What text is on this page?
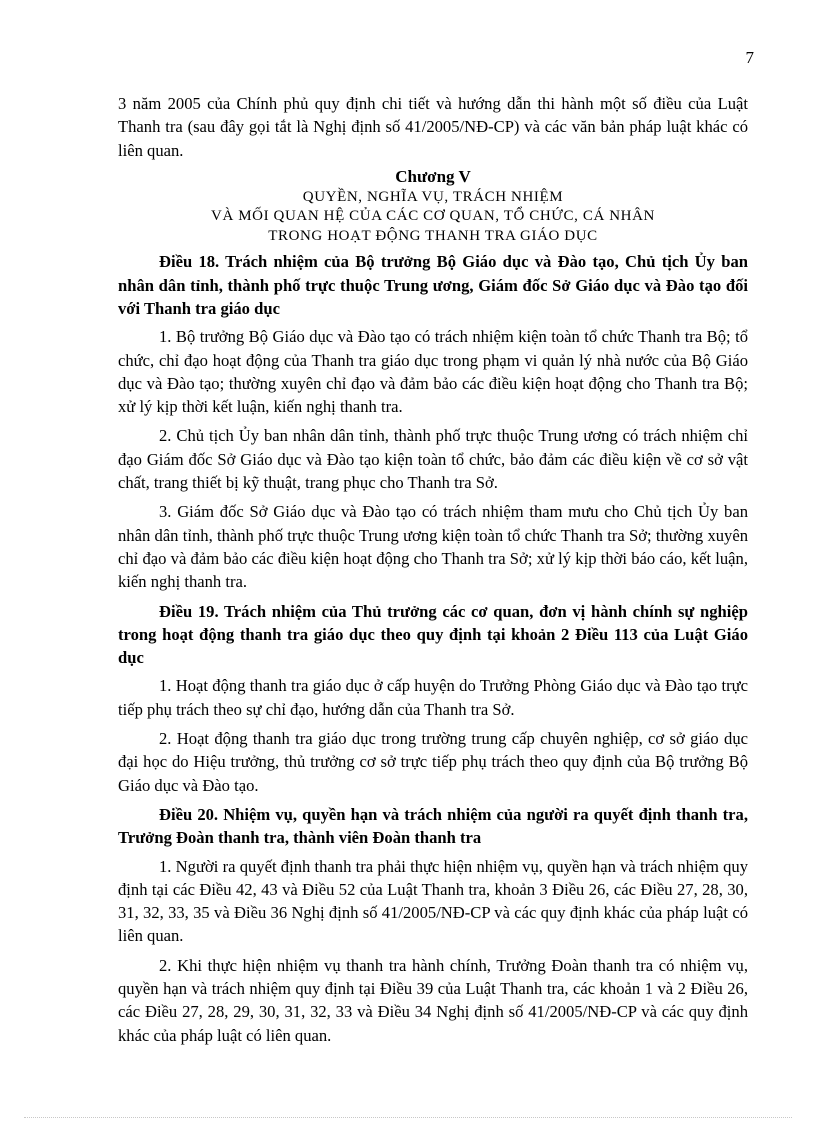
7

3 năm 2005 của Chính phủ quy định chi tiết và hướng dẫn thi hành một số điều của Luật Thanh tra (sau đây gọi tắt là Nghị định số 41/2005/NĐ-CP) và các văn bản pháp luật khác có liên quan.

Chương V

QUYỀN, NGHĨA VỤ, TRÁCH NHIỆM

VÀ MỐI QUAN HỆ CỦA CÁC CƠ QUAN, TỔ CHỨC, CÁ NHÂN

TRONG HOẠT ĐỘNG THANH TRA GIÁO DỤC

Điều 18. Trách nhiệm của Bộ trưởng Bộ Giáo dục và Đào tạo, Chủ tịch Ủy ban nhân dân tỉnh, thành phố trực thuộc Trung ương, Giám đốc Sở Giáo dục và Đào tạo đối với Thanh tra giáo dục

1. Bộ trưởng Bộ Giáo dục và Đào tạo có trách nhiệm kiện toàn tổ chức Thanh tra Bộ; tổ chức, chỉ đạo hoạt động của Thanh tra giáo dục trong phạm vi quản lý nhà nước của Bộ Giáo dục và Đào tạo; thường xuyên chỉ đạo và đảm bảo các điều kiện hoạt động cho Thanh tra Bộ; xử lý kịp thời kết luận, kiến nghị thanh tra.

2. Chủ tịch Ủy ban nhân dân tỉnh, thành phố trực thuộc Trung ương có trách nhiệm chỉ đạo Giám đốc Sở Giáo dục và Đào tạo kiện toàn tổ chức, bảo đảm các điều kiện về cơ sở vật chất, trang thiết bị kỹ thuật, trang phục cho Thanh tra Sở.

3. Giám đốc Sở Giáo dục và Đào tạo có trách nhiệm tham mưu cho Chủ tịch Ủy ban nhân dân tỉnh, thành phố trực thuộc Trung ương kiện toàn tổ chức Thanh tra Sở; thường xuyên chỉ đạo và đảm bảo các điều kiện hoạt động cho Thanh tra Sở; xử lý kịp thời báo cáo, kết luận, kiến nghị thanh tra.

Điều 19. Trách nhiệm của Thủ trưởng các cơ quan, đơn vị hành chính sự nghiệp trong hoạt động thanh tra giáo dục theo quy định tại khoản 2 Điều 113 của Luật Giáo dục

1. Hoạt động thanh tra giáo dục ở cấp huyện do Trưởng Phòng Giáo dục và Đào tạo trực tiếp phụ trách theo sự chỉ đạo, hướng dẫn của Thanh tra Sở.

2. Hoạt động thanh tra giáo dục trong trường trung cấp chuyên nghiệp, cơ sở giáo dục đại học do Hiệu trưởng, thủ trưởng cơ sở trực tiếp phụ trách theo quy định của Bộ trưởng Bộ Giáo dục và Đào tạo.

Điều 20. Nhiệm vụ, quyền hạn và trách nhiệm của người ra quyết định thanh tra, Trưởng Đoàn thanh tra, thành viên Đoàn thanh tra

1. Người ra quyết định thanh tra phải thực hiện nhiệm vụ, quyền hạn và trách nhiệm quy định tại các Điều 42, 43 và Điều 52 của Luật Thanh tra, khoản 3 Điều 26, các Điều 27, 28, 30, 31, 32, 33, 35 và Điều 36 Nghị định số 41/2005/NĐ-CP và các quy định khác của pháp luật có liên quan.

2. Khi thực hiện nhiệm vụ thanh tra hành chính, Trưởng Đoàn thanh tra có nhiệm vụ, quyền hạn và trách nhiệm quy định tại Điều 39 của Luật Thanh tra, các khoản 1 và 2 Điều 26, các Điều 27, 28, 29, 30, 31, 32, 33 và Điều 34 Nghị định số 41/2005/NĐ-CP và các quy định khác của pháp luật có liên quan.
